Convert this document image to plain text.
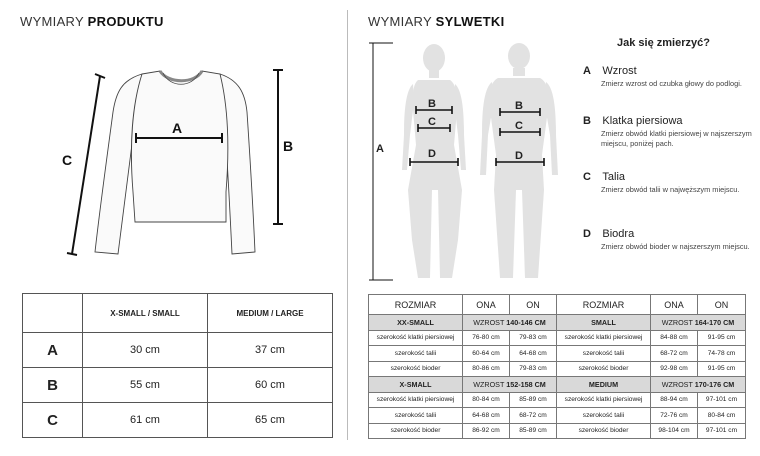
WYMIARY PRODUKTU	WYMIARY SYLWETKI
A
B
C
	X-SMALL / SMALL	MEDIUM / LARGE
A	30 cm	37 cm
B	55 cm	60 cm
C	61 cm	65 cm
A
B
C
D
B
C
D
Jak się zmierzyć?
A Wzrost
Zmierz wzrost od czubka głowy do podlogi.
B Klatka piersiowa
Zmierz obwód klatki piersiowej w najszerszym miejscu, poniżej pach.
C Talia
Zmierz obwód talii w najwęższym miejscu.
D Biodra
Zmierz obwód bioder w najszerszym miejscu.
ROZMIAR	ONA	ON	ROZMIAR	ONA	ON
XX-SMALL	WZROST 140-146 CM		SMALL	WZROST 164-170 CM	
szerokość klatki piersiowej	76-80 cm	79-83 cm	szerokość klatki piersiowej	84-88 cm	91-95 cm
szerokość talii	60-64 cm	64-68 cm	szerokość talii	68-72 cm	74-78 cm
szerokość bioder	80-86 cm	79-83 cm	szerokość bioder	92-98 cm	91-95 cm
X-SMALL	WZROST 152-158 CM		MEDIUM	WZROST 170-176 CM	
szerokość klatki piersiowej	80-84 cm	85-89 cm	szerokość klatki piersiowej	88-94 cm	97-101 cm
szerokość talii	64-68 cm	68-72 cm	szerokość talii	72-76 cm	80-84 cm
szerokość bioder	86-92 cm	85-89 cm	szerokość bioder	98-104 cm	97-101 cm
